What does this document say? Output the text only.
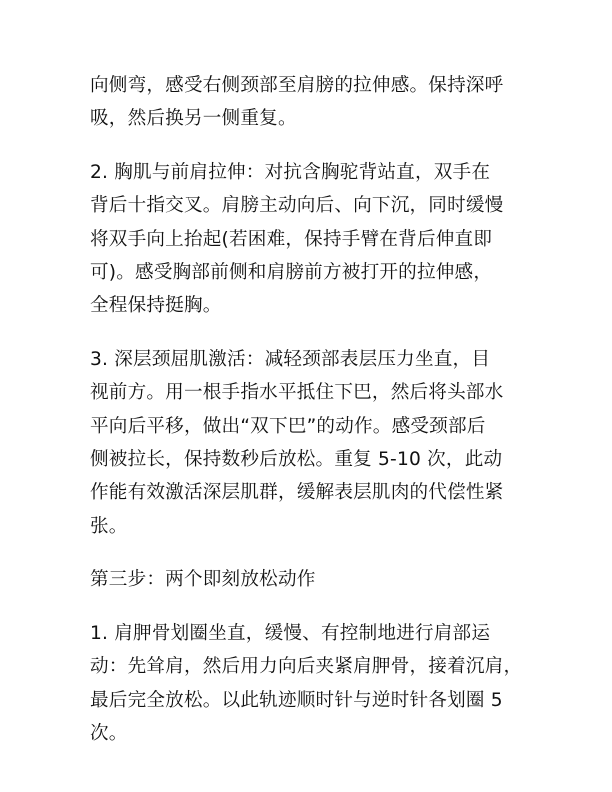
向侧弯，感受右侧颈部至肩膀的拉伸感。保持深呼
吸，然后换另一侧重复。

2. 胸肌与前肩拉伸：对抗含胸驼背站直，双手在
背后十指交叉。肩膀主动向后、向下沉，同时缓慢
将双手向上抬起(若困难，保持手臂在背后伸直即
可)。感受胸部前侧和肩膀前方被打开的拉伸感，
全程保持挺胸。

3. 深层颈屈肌激活：减轻颈部表层压力坐直，目
视前方。用一根手指水平抵住下巴，然后将头部水
平向后平移，做出“双下巴”的动作。感受颈部后
侧被拉长，保持数秒后放松。重复 5-10 次，此动
作能有效激活深层肌群，缓解表层肌肉的代偿性紧
张。

第三步：两个即刻放松动作

1. 肩胛骨划圈坐直，缓慢、有控制地进行肩部运
动：先耸肩，然后用力向后夹紧肩胛骨，接着沉肩，
最后完全放松。以此轨迹顺时针与逆时针各划圈 5
次。
